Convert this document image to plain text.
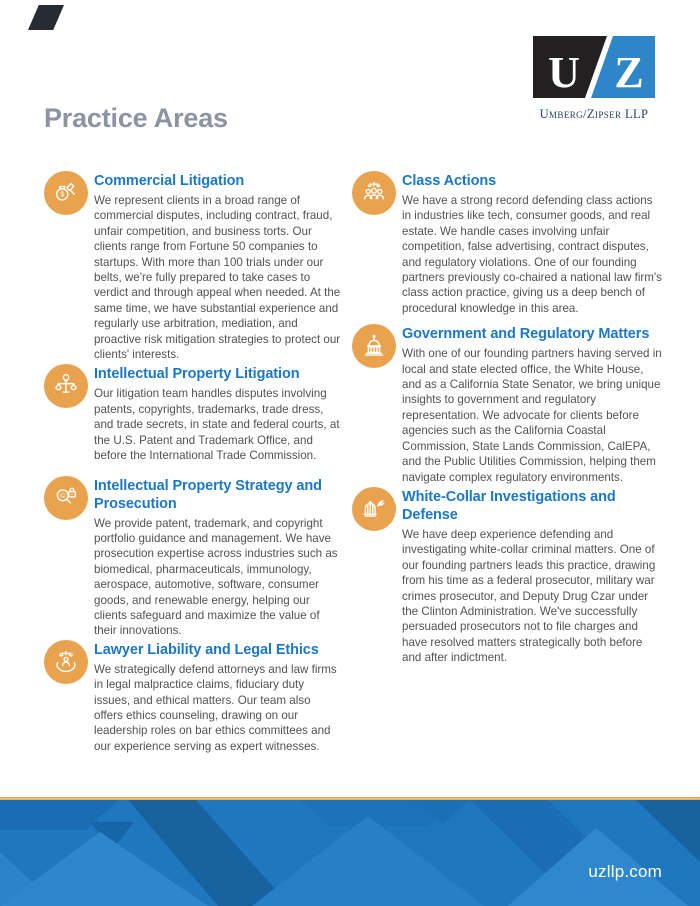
U Z
Umberg/Zipser LLP
Practice Areas
$
Commercial Litigation

We represent clients in a broad range of commercial disputes, including contract, fraud, unfair competition, and business torts. Our clients range from Fortune 50 companies to startups. With more than 100 trials under our belts, we're fully prepared to take cases to verdict and through appeal when needed. At the same time, we have substantial experience and regularly use arbitration, mediation, and proactive risk mitigation strategies to protect our clients' interests.

Intellectual Property Litigation

Our litigation team handles disputes involving patents, copyrights, trademarks, trade dress, and trade secrets, in state and federal courts, at the U.S. Patent and Trademark Office, and before the International Trade Commission.

©
Intellectual Property Strategy and Prosecution

We provide patent, trademark, and copyright portfolio guidance and management. We have prosecution expertise across industries such as biomedical, pharmaceuticals, immunology, aerospace, automotive, software, consumer goods, and renewable energy, helping our clients safeguard and maximize the value of their innovations.

Lawyer Liability and Legal Ethics

We strategically defend attorneys and law firms in legal malpractice claims, fiduciary duty issues, and ethical matters. Our team also offers ethics counseling, drawing on our leadership roles on bar ethics committees and our experience serving as expert witnesses.

Class Actions

We have a strong record defending class actions in industries like tech, consumer goods, and real estate. We handle cases involving unfair competition, false advertising, contract disputes, and regulatory violations. One of our founding partners previously co-chaired a national law firm's class action practice, giving us a deep bench of procedural knowledge in this area.

Government and Regulatory Matters

With one of our founding partners having served in local and state elected office, the White House, and as a California State Senator, we bring unique insights to government and regulatory representation. We advocate for clients before agencies such as the California Coastal Commission, State Lands Commission, CalEPA, and the Public Utilities Commission, helping them navigate complex regulatory environments.

White-Collar Investigations and Defense

We have deep experience defending and investigating white-collar criminal matters. One of our founding partners leads this practice, drawing from his time as a federal prosecutor, military war crimes prosecutor, and Deputy Drug Czar under the Clinton Administration. We've successfully persuaded prosecutors not to file charges and have resolved matters strategically both before and after indictment.

uzllp.com
